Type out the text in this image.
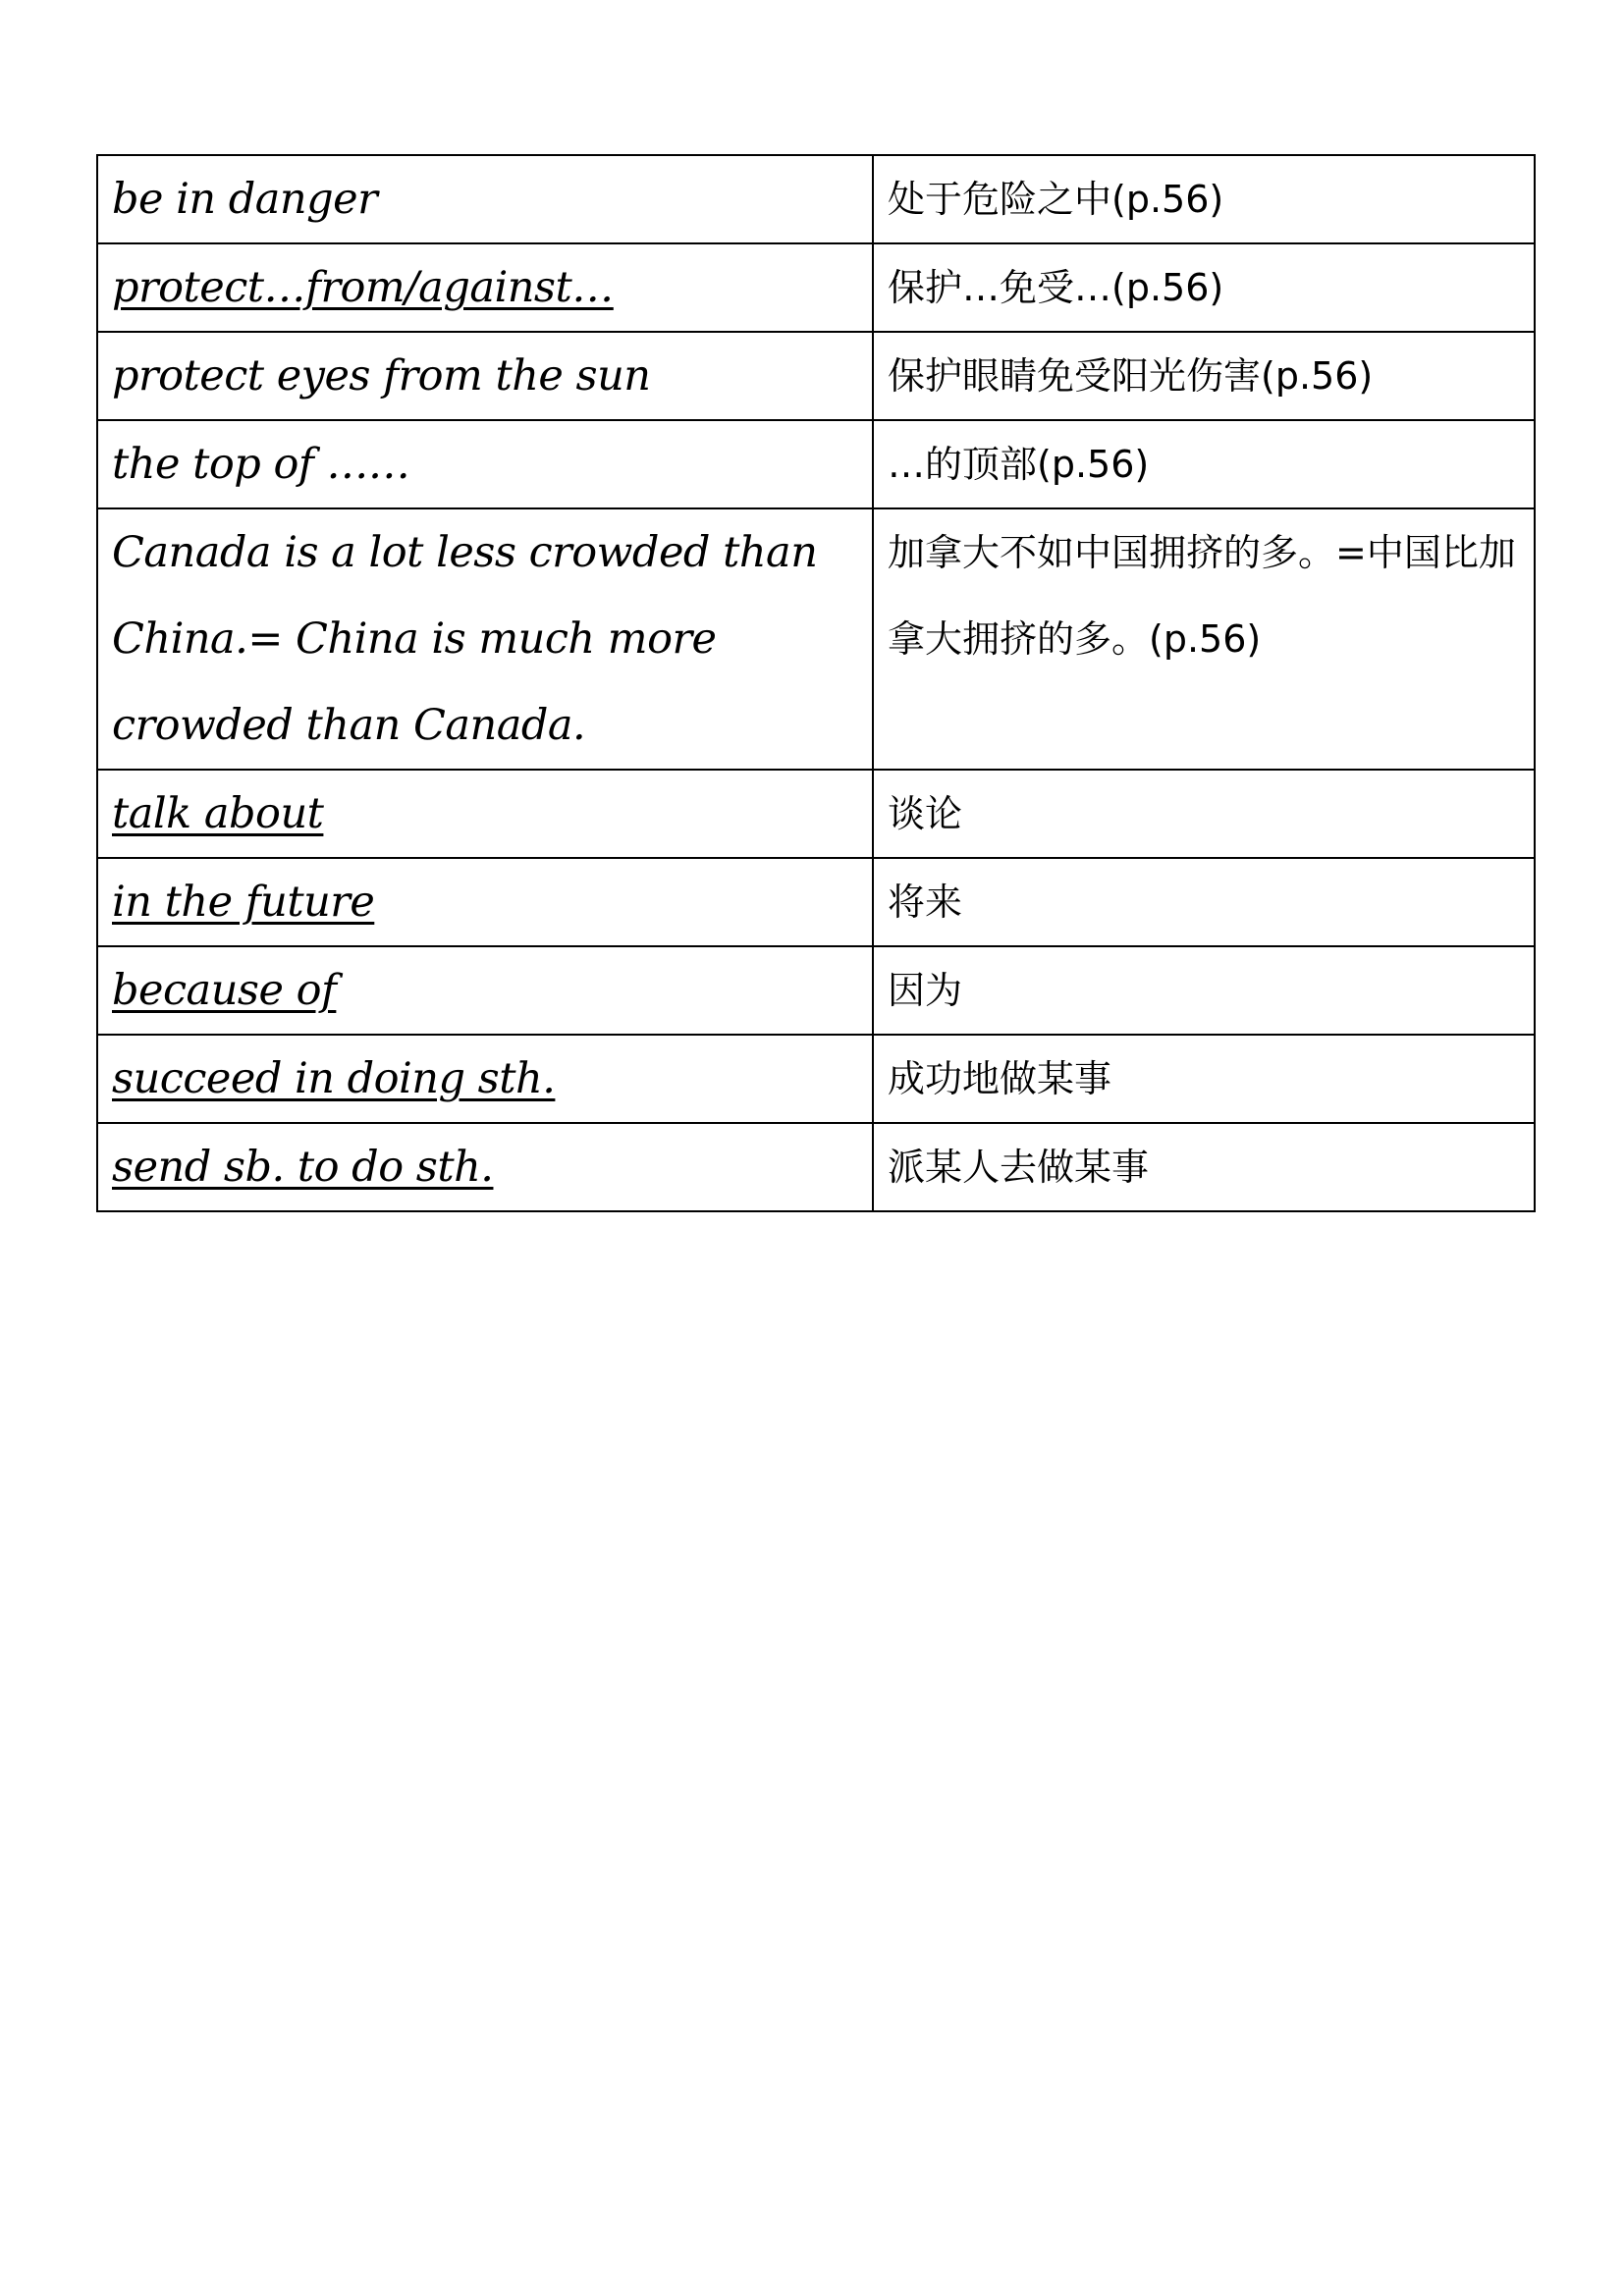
be in danger	处于危险之中(p.56)
protect…from/against…	保护…免受…(p.56)
protect eyes from the sun	保护眼睛免受阳光伤害(p.56)
the top of ……	…的顶部(p.56)
Canada is a lot less crowded than China.= China is much more crowded than Canada.	加拿大不如中国拥挤的多。=中国比加拿大拥挤的多。(p.56)
talk about	谈论
in the future	将来
because of	因为
succeed in doing sth.	成功地做某事
send sb. to do sth.	派某人去做某事
